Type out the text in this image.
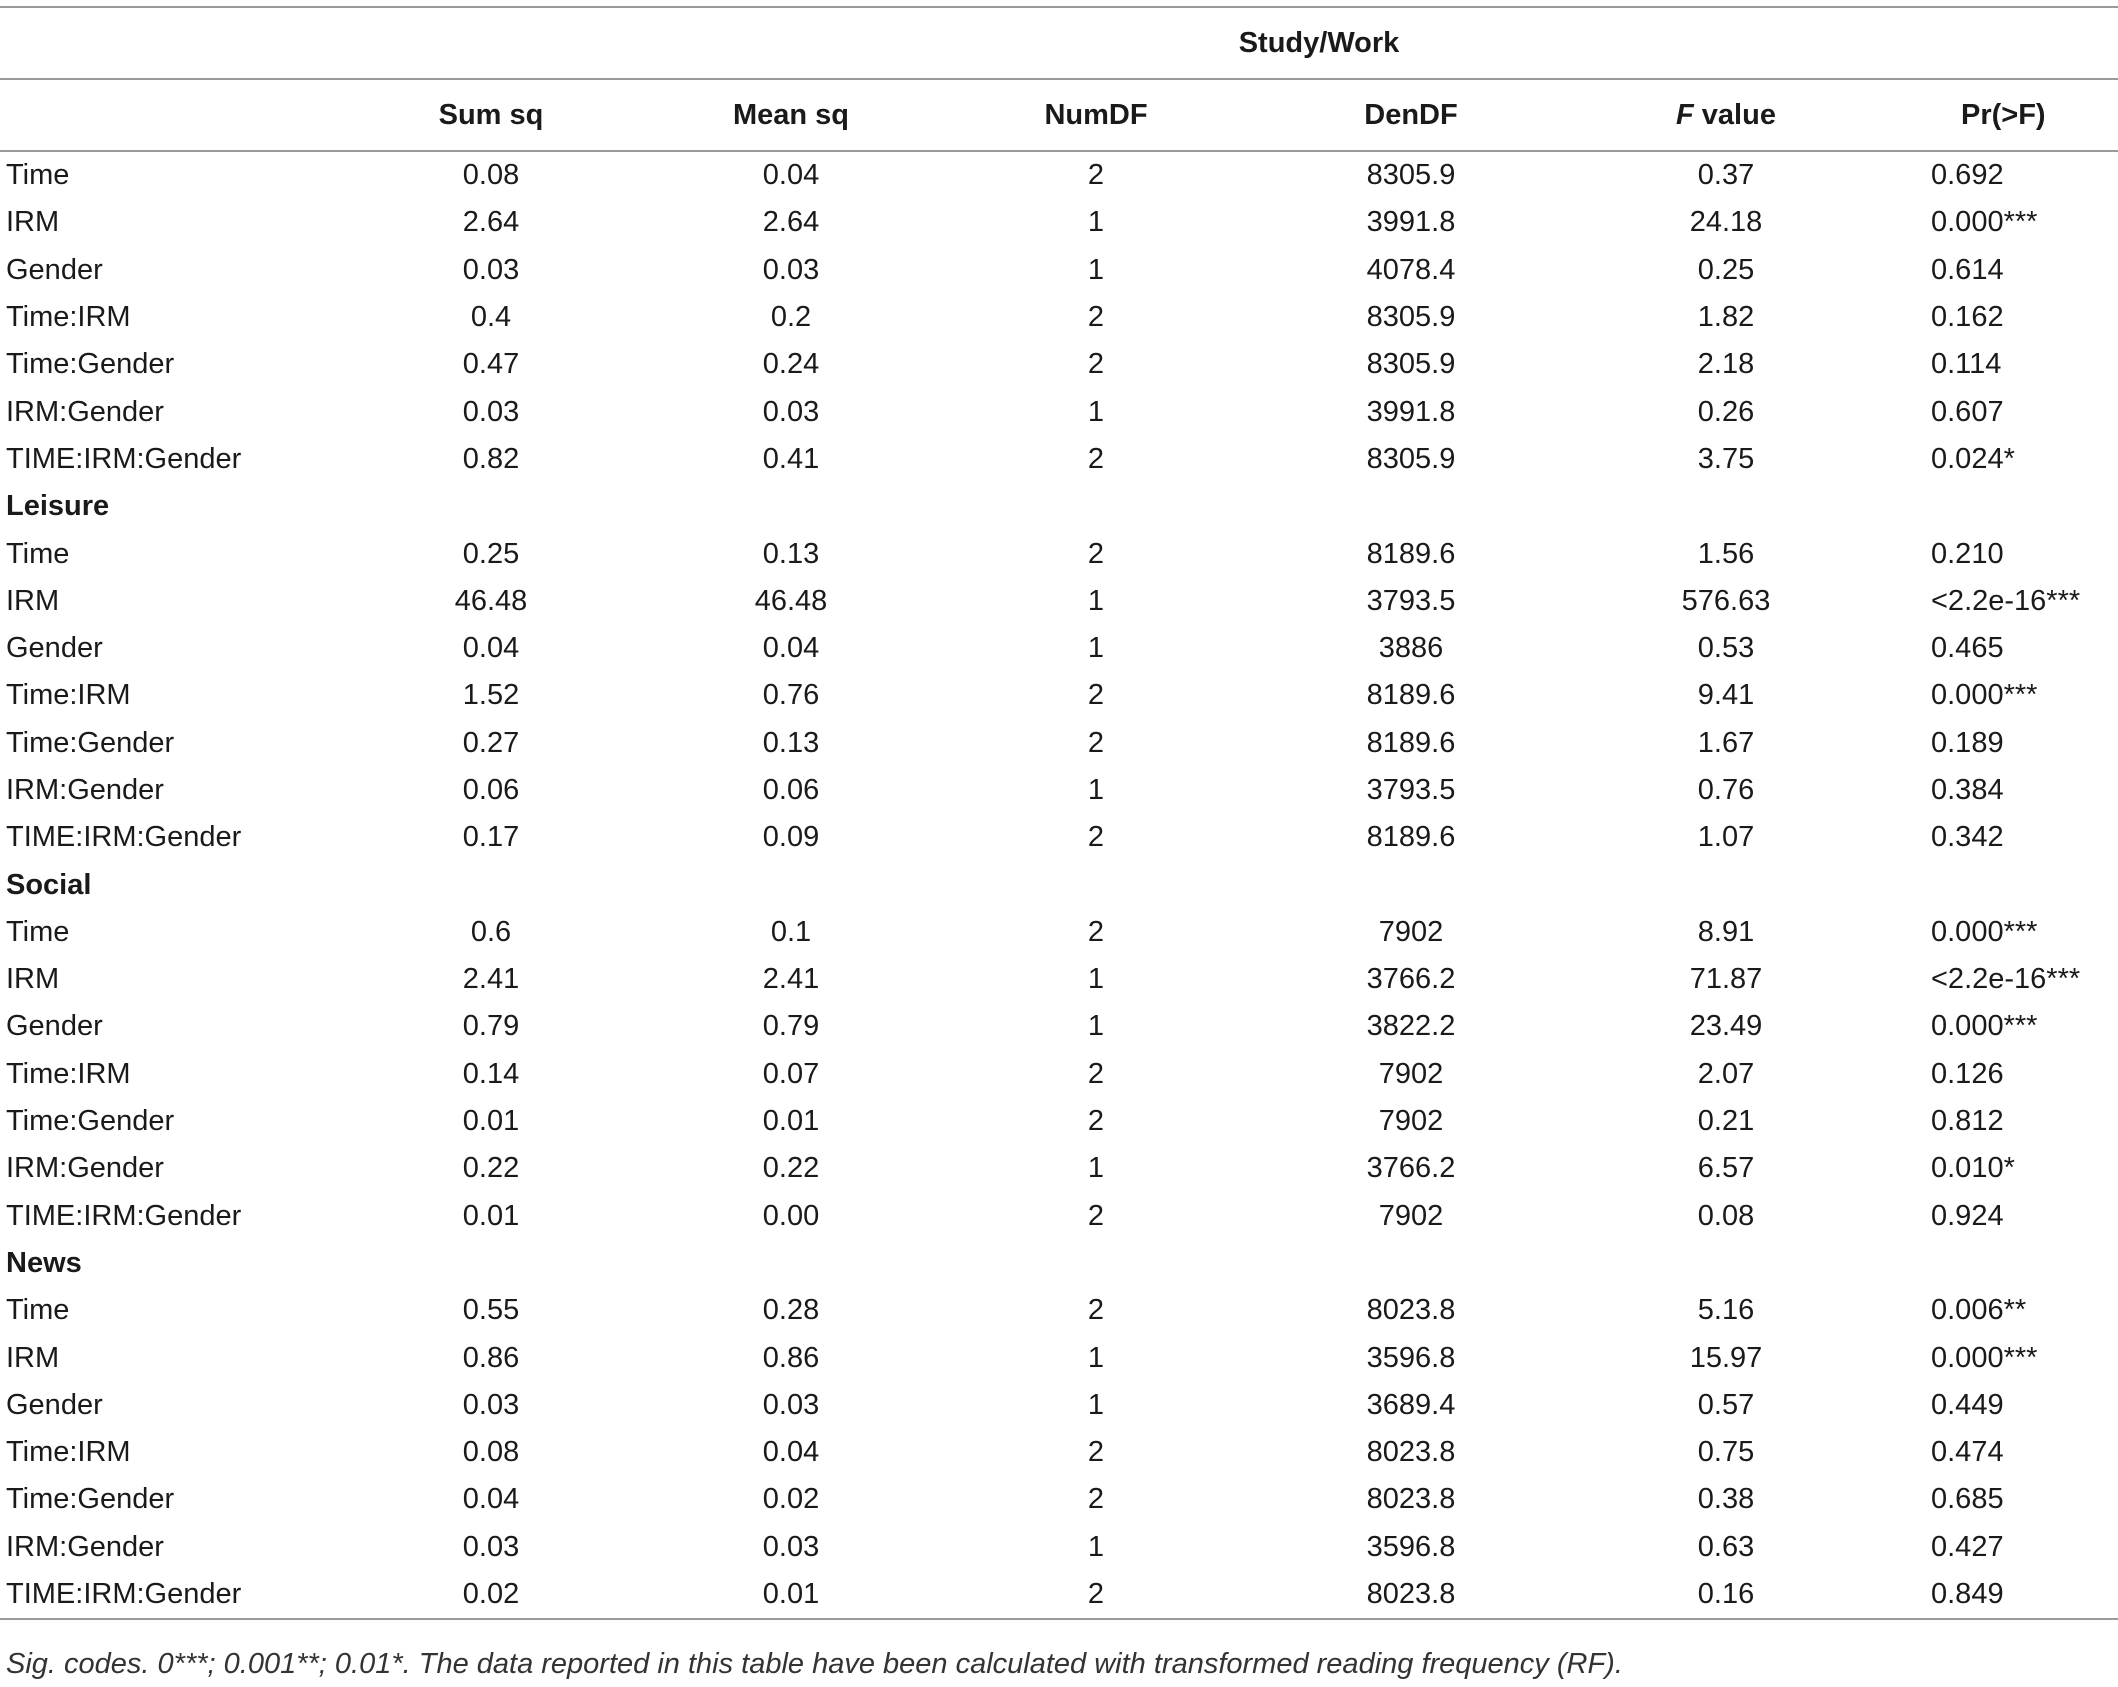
Study/Work						
	Sum sq	Mean sq	NumDF	DenDF	F value	Pr(>F)
Time	0.08	0.04	2	8305.9	0.37	0.692
IRM	2.64	2.64	1	3991.8	24.18	0.000***
Gender	0.03	0.03	1	4078.4	0.25	0.614
Time:IRM	0.4	0.2	2	8305.9	1.82	0.162
Time:Gender	0.47	0.24	2	8305.9	2.18	0.114
IRM:Gender	0.03	0.03	1	3991.8	0.26	0.607
TIME:IRM:Gender	0.82	0.41	2	8305.9	3.75	0.024*
Leisure						
Time	0.25	0.13	2	8189.6	1.56	0.210
IRM	46.48	46.48	1	3793.5	576.63	<2.2e-16***
Gender	0.04	0.04	1	3886	0.53	0.465
Time:IRM	1.52	0.76	2	8189.6	9.41	0.000***
Time:Gender	0.27	0.13	2	8189.6	1.67	0.189
IRM:Gender	0.06	0.06	1	3793.5	0.76	0.384
TIME:IRM:Gender	0.17	0.09	2	8189.6	1.07	0.342
Social						
Time	0.6	0.1	2	7902	8.91	0.000***
IRM	2.41	2.41	1	3766.2	71.87	<2.2e-16***
Gender	0.79	0.79	1	3822.2	23.49	0.000***
Time:IRM	0.14	0.07	2	7902	2.07	0.126
Time:Gender	0.01	0.01	2	7902	0.21	0.812
IRM:Gender	0.22	0.22	1	3766.2	6.57	0.010*
TIME:IRM:Gender	0.01	0.00	2	7902	0.08	0.924
News						
Time	0.55	0.28	2	8023.8	5.16	0.006**
IRM	0.86	0.86	1	3596.8	15.97	0.000***
Gender	0.03	0.03	1	3689.4	0.57	0.449
Time:IRM	0.08	0.04	2	8023.8	0.75	0.474
Time:Gender	0.04	0.02	2	8023.8	0.38	0.685
IRM:Gender	0.03	0.03	1	3596.8	0.63	0.427
TIME:IRM:Gender	0.02	0.01	2	8023.8	0.16	0.849
Sig. codes. 0***; 0.001**; 0.01*. The data reported in this table have been calculated with transformed reading frequency (RF).
